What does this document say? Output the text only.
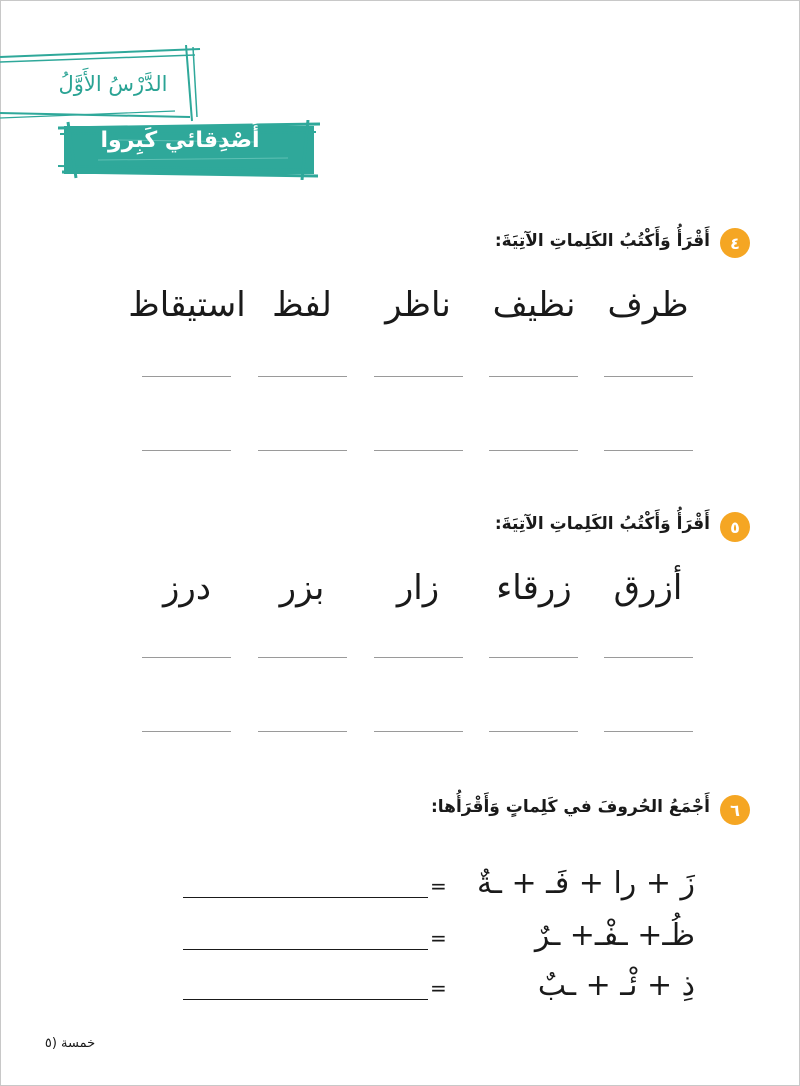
الدَّرْسُ الأَوَّلُ
أَصْدِقائي كَبِروا
٤
أَقْرَأُ وَأَكْتُبُ الكَلِماتِ الآتِيَةَ:
ظرف
نظيف
ناظر
لفظ
استيقاظ
٥
أَقْرَأُ وَأَكْتُبُ الكَلِماتِ الآتِيَةَ:
أزرق
زرقاء
زار
بزر
درز
٦
أَجْمَعُ الحُروفَ في كَلِماتٍ وَأَقْرَأُها:
زَ + را + فَـ + ـةٌ
=
ظُـ+ ـفْـ+ ـرٌ
=
ذِ + ئْـ + ـبٌ
=
خمسة (٥
